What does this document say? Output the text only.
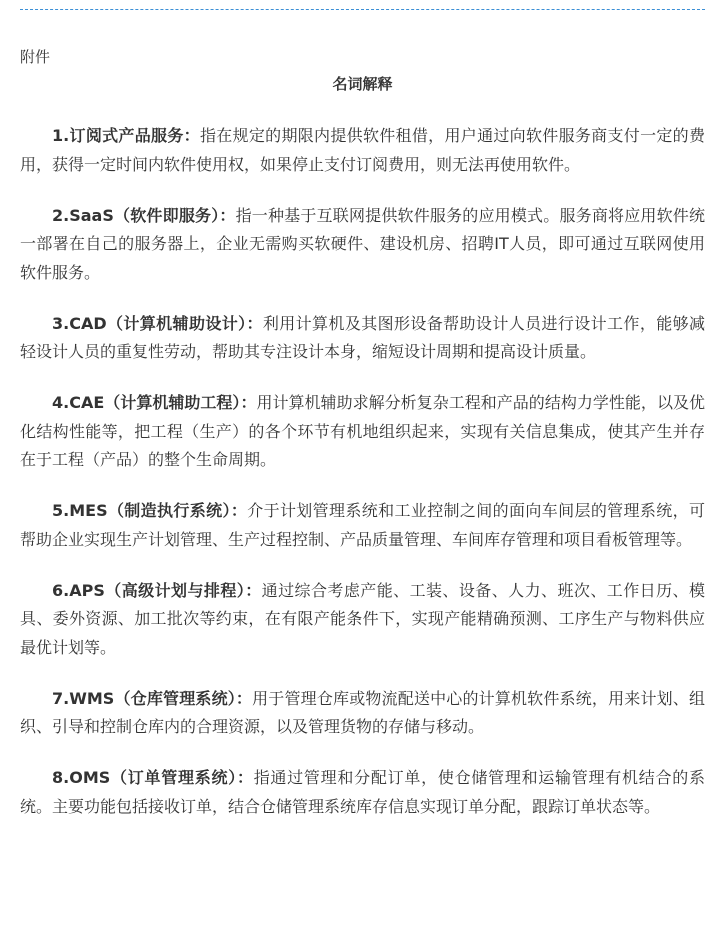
附件
名词解释
1.订阅式产品服务：指在规定的期限内提供软件租借，用户通过向软件服务商支付一定的费用，获得一定时间内软件使用权，如果停止支付订阅费用，则无法再使用软件。
2.SaaS（软件即服务）：指一种基于互联网提供软件服务的应用模式。服务商将应用软件统一部署在自己的服务器上，企业无需购买软硬件、建设机房、招聘IT人员，即可通过互联网使用软件服务。
3.CAD（计算机辅助设计）：利用计算机及其图形设备帮助设计人员进行设计工作，能够减轻设计人员的重复性劳动，帮助其专注设计本身，缩短设计周期和提高设计质量。
4.CAE（计算机辅助工程）：用计算机辅助求解分析复杂工程和产品的结构力学性能，以及优化结构性能等，把工程（生产）的各个环节有机地组织起来，实现有关信息集成，使其产生并存在于工程（产品）的整个生命周期。
5.MES（制造执行系统）：介于计划管理系统和工业控制之间的面向车间层的管理系统，可帮助企业实现生产计划管理、生产过程控制、产品质量管理、车间库存管理和项目看板管理等。
6.APS（高级计划与排程）：通过综合考虑产能、工装、设备、人力、班次、工作日历、模具、委外资源、加工批次等约束，在有限产能条件下，实现产能精确预测、工序生产与物料供应最优计划等。
7.WMS（仓库管理系统）：用于管理仓库或物流配送中心的计算机软件系统，用来计划、组织、引导和控制仓库内的合理资源，以及管理货物的存储与移动。
8.OMS（订单管理系统）：指通过管理和分配订单，使仓储管理和运输管理有机结合的系统。主要功能包括接收订单，结合仓储管理系统库存信息实现订单分配，跟踪订单状态等。
